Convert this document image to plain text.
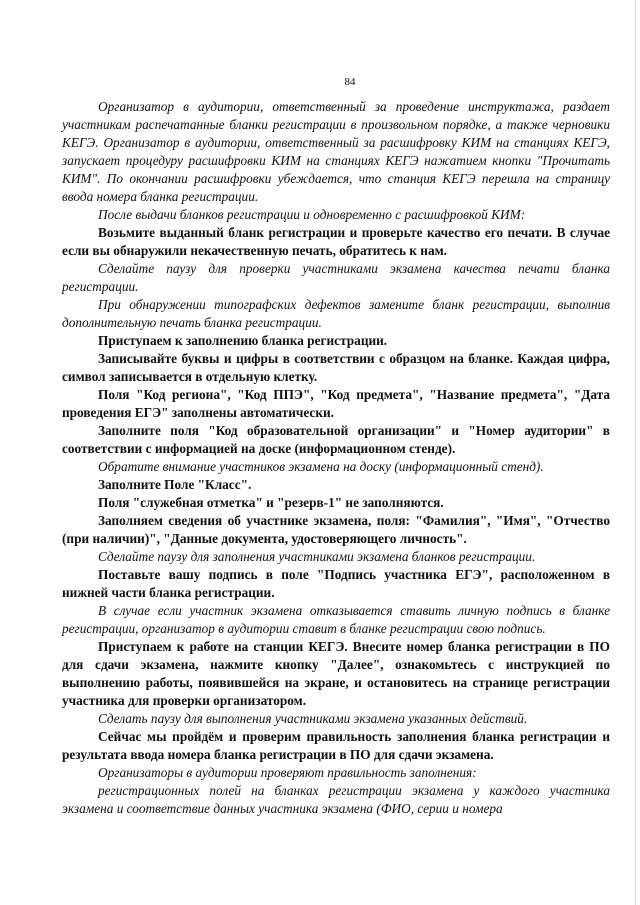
84

Организатор в аудитории, ответственный за проведение инструктажа, раздает участникам распечатанные бланки регистрации в произвольном порядке, а также черновики КЕГЭ. Организатор в аудитории, ответственный за расшифровку КИМ на станциях КЕГЭ, запускает процедуру расшифровки КИМ на станциях КЕГЭ нажатием кнопки "Прочитать КИМ". По окончании расшифровки убеждается, что станция КЕГЭ перешла на страницу ввода номера бланка регистрации.

После выдачи бланков регистрации и одновременно с расшифровкой КИМ:

Возьмите выданный бланк регистрации и проверьте качество его печати. В случае если вы обнаружили некачественную печать, обратитесь к нам.

Сделайте паузу для проверки участниками экзамена качества печати бланка регистрации.

При обнаружении типографских дефектов замените бланк регистрации, выполнив дополнительную печать бланка регистрации.

Приступаем к заполнению бланка регистрации.

Записывайте буквы и цифры в соответствии с образцом на бланке. Каждая цифра, символ записывается в отдельную клетку.

Поля "Код региона", "Код ППЭ", "Код предмета", "Название предмета", "Дата проведения ЕГЭ" заполнены автоматически.

Заполните поля "Код образовательной организации" и "Номер аудитории" в соответствии с информацией на доске (информационном стенде).

Обратите внимание участников экзамена на доску (информационный стенд).

Заполните Поле "Класс".

Поля "служебная отметка" и "резерв-1" не заполняются.

Заполняем сведения об участнике экзамена, поля: "Фамилия", "Имя", "Отчество (при наличии)", "Данные документа, удостоверяющего личность".

Сделайте паузу для заполнения участниками экзамена бланков регистрации.

Поставьте вашу подпись в поле "Подпись участника ЕГЭ", расположенном в нижней части бланка регистрации.

В случае если участник экзамена отказывается ставить личную подпись в бланке регистрации, организатор в аудитории ставит в бланке регистрации свою подпись.

Приступаем к работе на станции КЕГЭ. Внесите номер бланка регистрации в ПО для сдачи экзамена, нажмите кнопку "Далее", ознакомьтесь с инструкцией по выполнению работы, появившейся на экране, и остановитесь на странице регистрации участника для проверки организатором.

Сделать паузу для выполнения участниками экзамена указанных действий.

Сейчас мы пройдём и проверим правильность заполнения бланка регистрации и результата ввода номера бланка регистрации в ПО для сдачи экзамена.

Организаторы в аудитории проверяют правильность заполнения:

регистрационных полей на бланках регистрации экзамена у каждого участника экзамена и соответствие данных участника экзамена (ФИО, серии и номера
